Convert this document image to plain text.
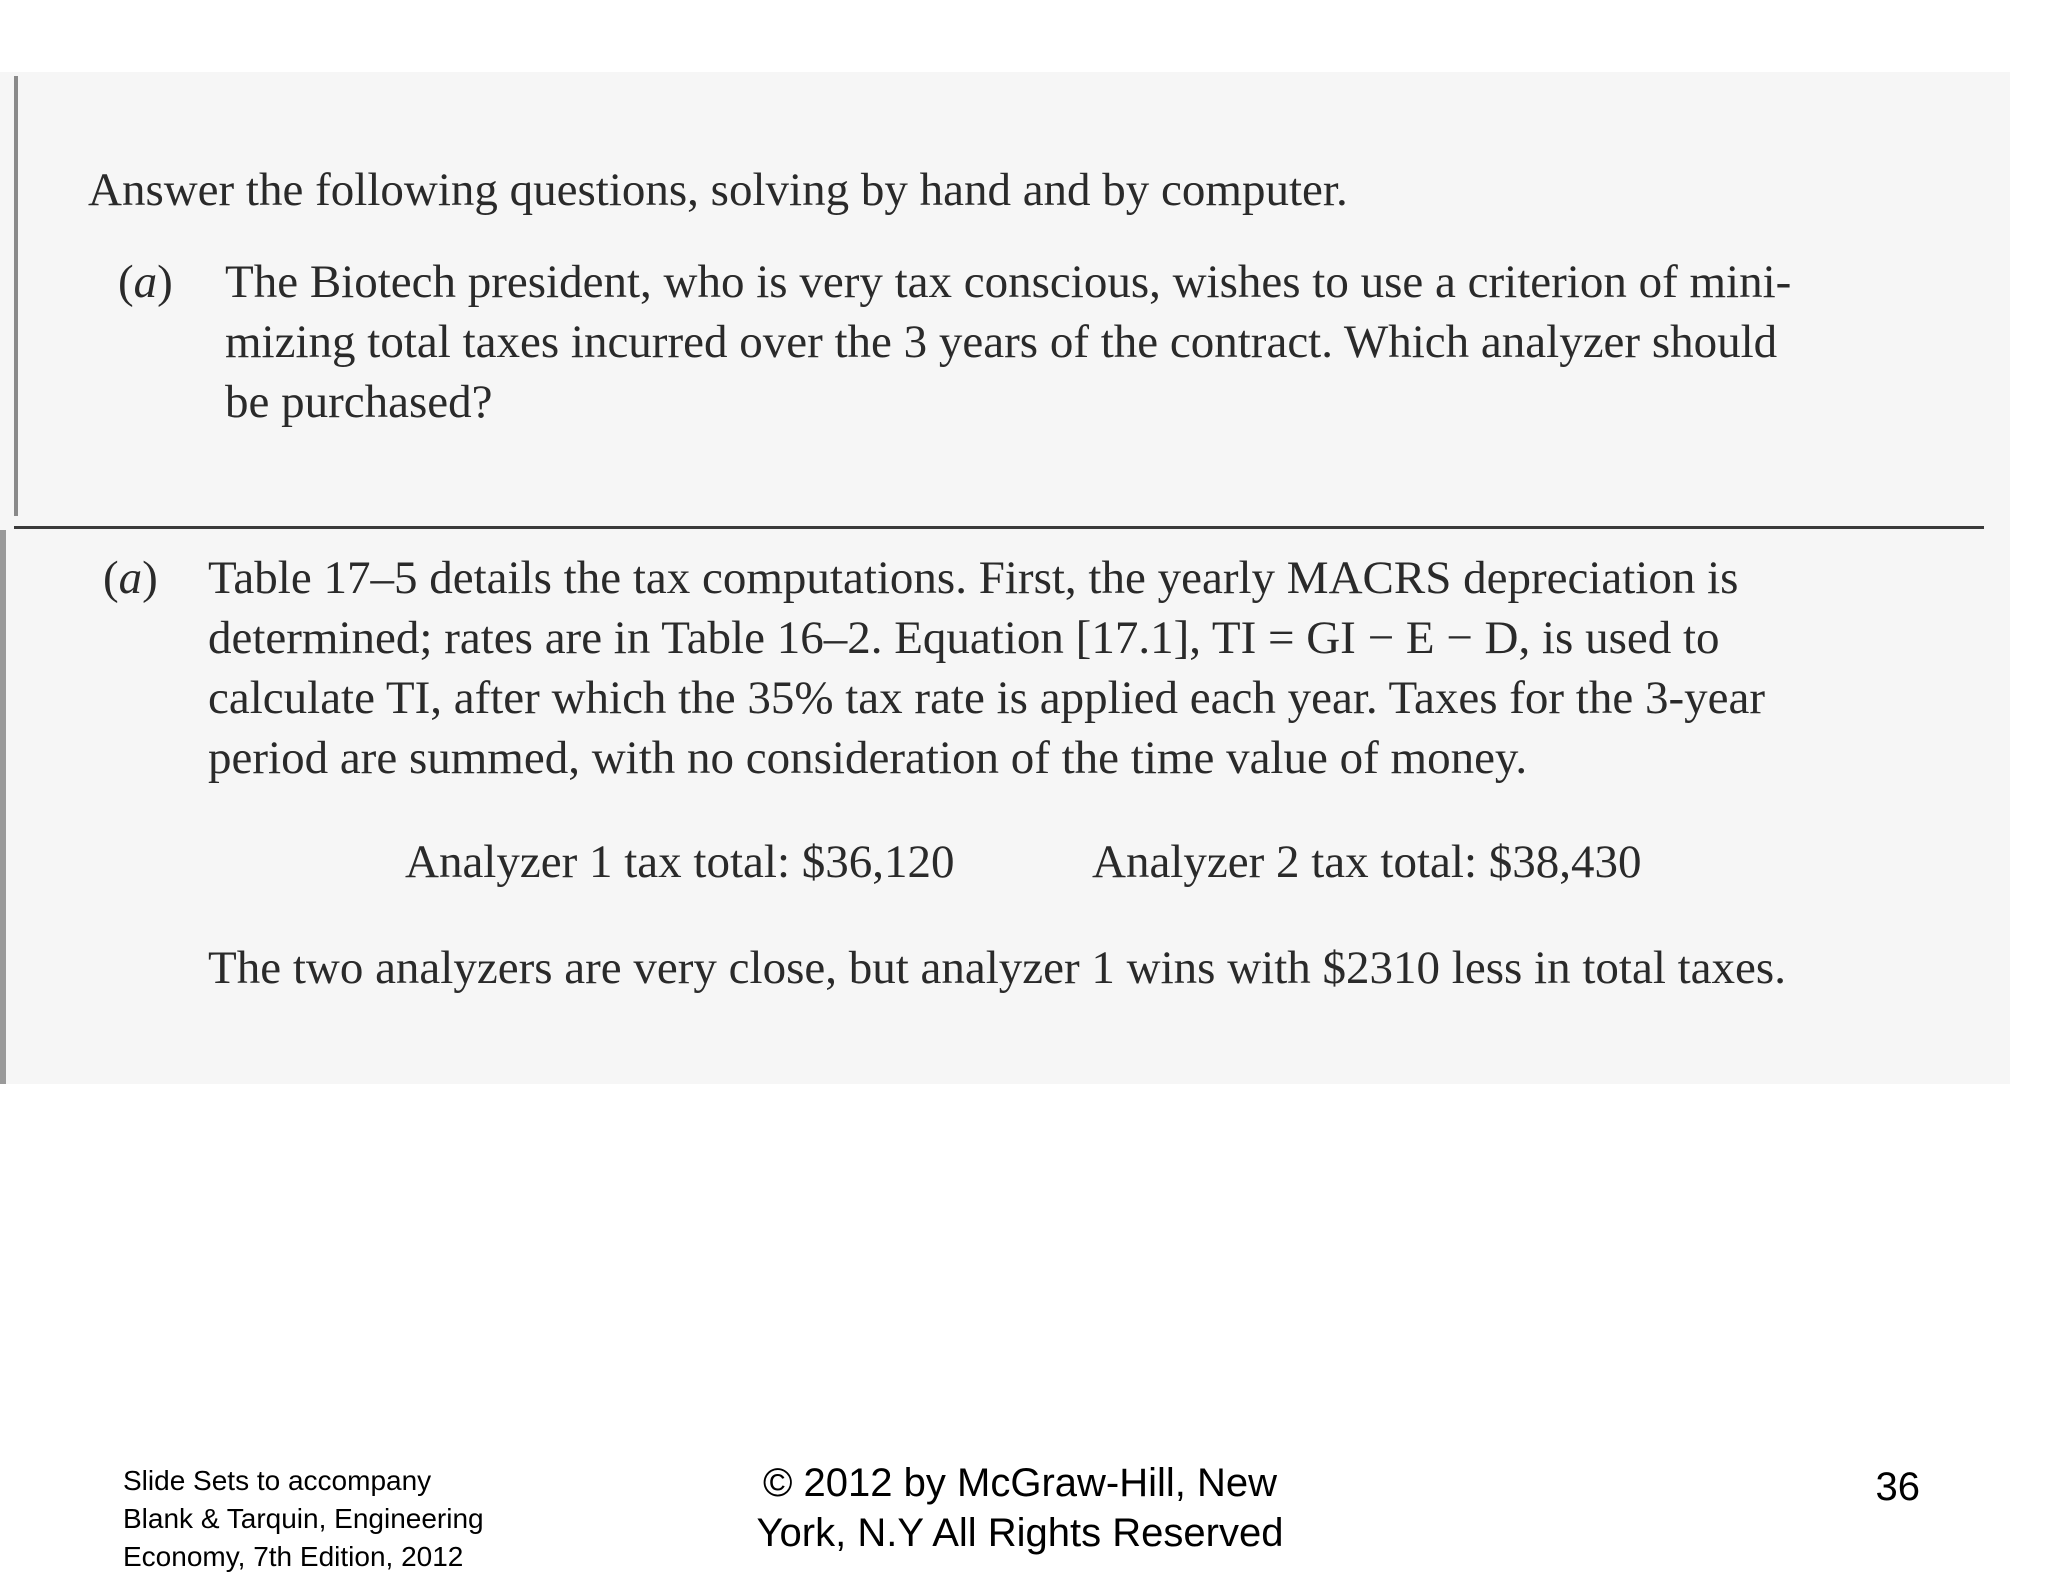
Answer the following questions, solving by hand and by computer.
(a) The Biotech president, who is very tax conscious, wishes to use a criterion of mini-
mizing total taxes incurred over the 3 years of the contract. Which analyzer should
be purchased?
(a) Table 17–5 details the tax computations. First, the yearly MACRS depreciation is
determined; rates are in Table 16–2. Equation [17.1], TI = GI − E − D, is used to
calculate TI, after which the 35% tax rate is applied each year. Taxes for the 3-year
period are summed, with no consideration of the time value of money.
Analyzer 1 tax total: $36,120	Analyzer 2 tax total: $38,430
The two analyzers are very close, but analyzer 1 wins with $2310 less in total taxes.
Slide Sets to accompany
Blank & Tarquin, Engineering
Economy, 7th Edition, 2012
© 2012 by McGraw-Hill, New
York, N.Y All Rights Reserved
36
